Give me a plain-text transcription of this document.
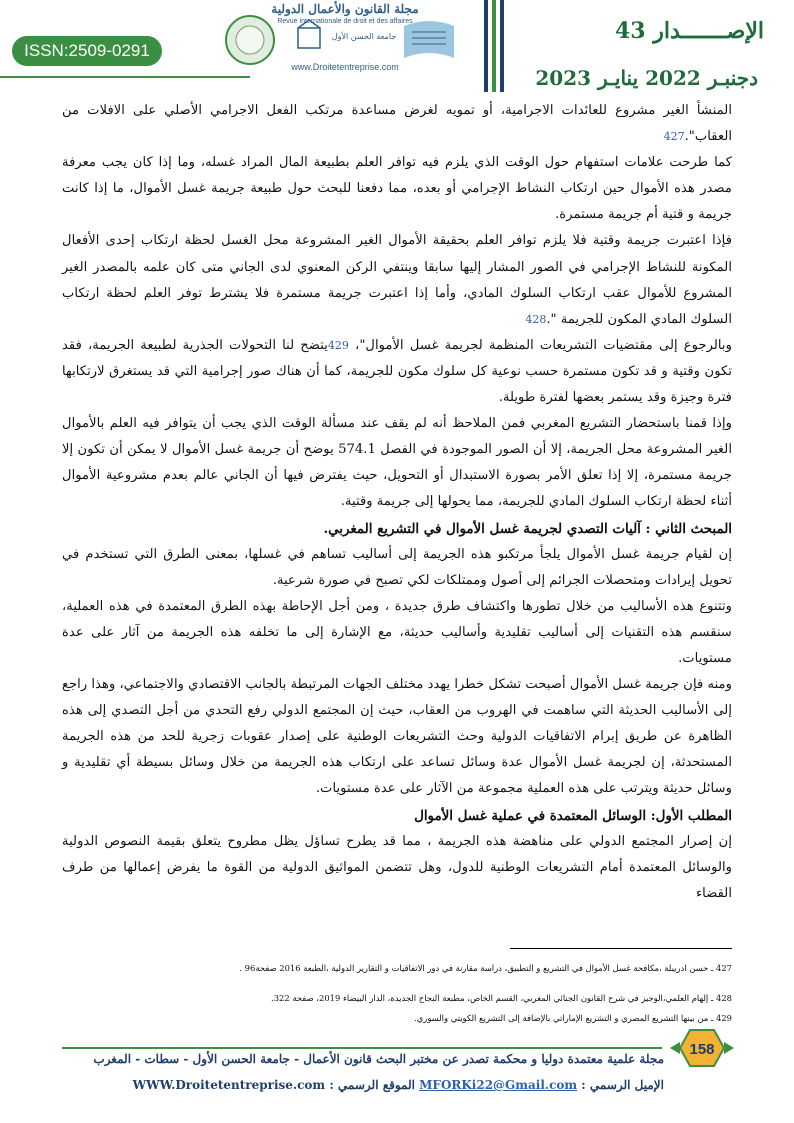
ISSN:2509-0291
مجلة القانون والأعمال الدولية
Revue internationale de droit et des affaires
جامعة الحسن الأول
www.Droitetentreprise.com
الإصـــــــدار 43
دجنبـر 2022 ينايـر 2023

المنشأ الغير مشروع للعائدات الاجرامية، أو تمويه لغرض مساعدة مرتكب الفعل الاجرامي الأصلي على الافلات من العقاب".427

كما طرحت علامات استفهام حول الوقت الذي يلزم فيه توافر العلم بطبيعة المال المراد غسله، وما إذا كان يجب معرفة مصدر هذه الأموال حين ارتكاب النشاط الإجرامي أو بعده، مما دفعنا للبحث حول طبيعة جريمة غسل الأموال، ما إذا كانت جريمة و قتية أم جريمة مستمرة.

فإذا اعتبرت جريمة وقتية فلا يلزم توافر العلم بحقيقة الأموال الغير المشروعة محل الغسل لحظة ارتكاب إحدى الأفعال المكونة للنشاط الإجرامي في الصور المشار إليها سابقا وينتفي الركن المعنوي لدى الجاني متى كان علمه بالمصدر الغير المشروع للأموال عقب ارتكاب السلوك المادي، وأما إذا اعتبرت جريمة مستمرة فلا يشترط توفر العلم لحظة ارتكاب السلوك المادي المكون للجريمة ".428

وبالرجوع إلى مقتضيات التشريعات المنظمة لجريمة غسل الأموال"، 429يتضح لنا التحولات الجذرية لطبيعة الجريمة، فقد تكون وقتية و قد تكون مستمرة حسب نوعية كل سلوك مكون للجريمة، كما أن هناك صور إجرامية التي قد يستغرق لارتكابها فترة وجيزة وقد يستمر بعضها لفترة طويلة.

وإذا قمنا باستحضار التشريع المغربي فمن الملاحظ أنه لم يقف عند مسألة الوقت الذي يجب أن يتوافر فيه العلم بالأموال الغير المشروعة محل الجريمة، إلا أن الصور الموجودة في الفصل 574.1 يوضح أن جريمة غسل الأموال لا يمكن أن تكون إلا جريمة مستمرة، إلا إذا تعلق الأمر بصورة الاستبدال أو التحويل، حيث يفترض فيها أن الجاني عالم بعدم مشروعية الأموال أثناء لحظة ارتكاب السلوك المادي للجريمة، مما يحولها إلى جريمة وقتية.

المبحث الثاني : آليات التصدي لجريمة غسل الأموال في التشريع المغربي.

إن لقيام جريمة غسل الأموال يلجأ مرتكبو هذه الجريمة إلى أساليب تساهم في غسلها، بمعنى الطرق التي تستخدم في تحويل إيرادات ومتحصلات الجرائم إلى أصول وممتلكات لكي تصبح في صورة شرعية.

وتتنوع هذه الأساليب من خلال تطورها واكتشاف طرق جديدة ، ومن أجل الإحاطة بهذه الطرق المعتمدة في هذه العملية، سنقسم هذه التقنيات إلى أساليب تقليدية وأساليب حديثة، مع الإشارة إلى ما تخلفه هذه الجريمة من آثار على عدة مستويات.

ومنه فإن جريمة غسل الأموال أصبحت تشكل خطرا يهدد مختلف الجهات المرتبطة بالجانب الاقتصادي والاجتماعي، وهذا راجع إلى الأساليب الحديثة التي ساهمت في الهروب من العقاب، حيث إن المجتمع الدولي رفع التحدي من أجل التصدي إلى هذه الظاهرة عن طريق إبرام الاتفاقيات الدولية وحث التشريعات الوطنية على إصدار عقوبات زجرية للحد من هذه الجريمة المستحدثة، إن لجريمة غسل الأموال عدة وسائل تساعد على ارتكاب هذه الجريمة من خلال وسائل بسيطة أي تقليدية و وسائل حديثة ويترتب على هذه العملية مجموعة من الآثار على عدة مستويات.

المطلب الأول: الوسائل المعتمدة في عملية غسل الأموال

إن إصرار المجتمع الدولي على مناهضة هذه الجريمة ، مما قد يطرح تساؤل يظل مطروح يتعلق بقيمة النصوص الدولية والوسائل المعتمدة أمام التشريعات الوطنية للدول، وهل تتضمن المواثيق الدولية من القوة ما يفرض إعمالها من طرف القضاء

427 ـ حسن ادريبلة ،مكافحة غسل الأموال في التشريع و التطبيق، دراسة مقارنة في دور الاتفاقيات و التقارير الدولية ،الطبعة 2016 صفحة96 .
428 ـ إلهام العلمي،الوجيز في شرح القانون الجنائي المغربي، القسم الخاص، مطبعة النجاح الجديدة، الدار البيضاء 2019، صفحة 322.
429 ـ من بينها التشريع المصري و التشريع الإماراتي بالإضافة إلى التشريع الكويتي والسوري.
مجلة علمية معتمدة دوليا و محكمة تصدر عن مختبر البحث قانون الأعمال - جامعة الحسن الأول - سطات - المغرب
الإميل الرسمي : MFORKi22@Gmail.com الموقع الرسمي : WWW.Droitetentreprise.com
158
